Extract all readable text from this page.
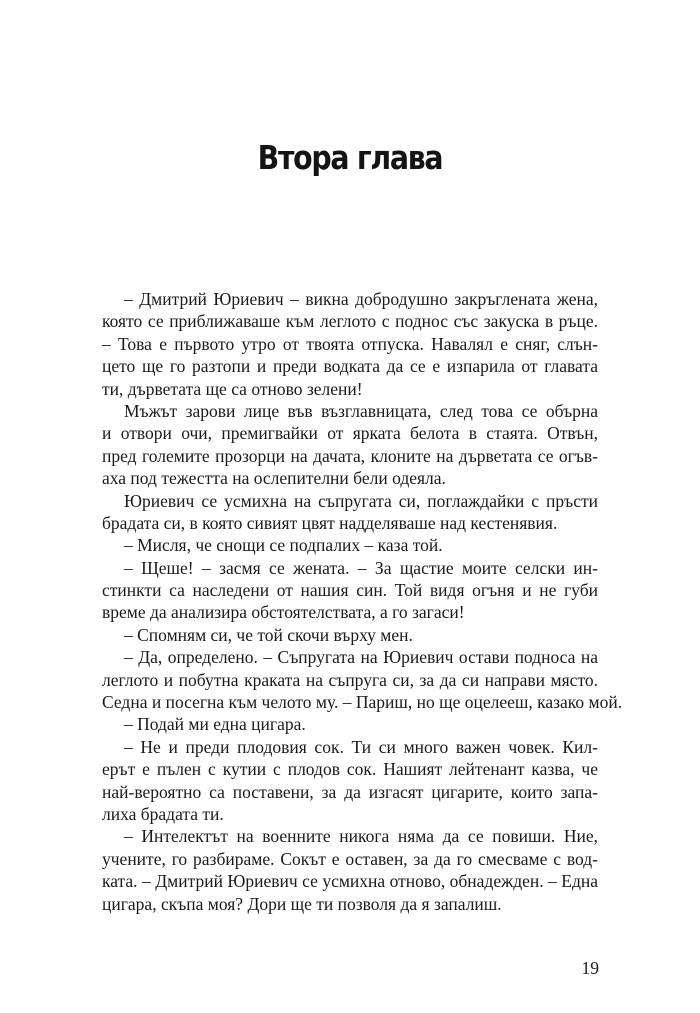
Втора глава
– Дмитрий Юриевич – викна добродушно закръглената жена,
която се приближаваше към леглото с поднос със закуска в ръце.
– Това е първото утро от твоята отпуска. Навалял е сняг, слън-
цето ще го разтопи и преди водката да се е изпарила от главата
ти, дърветата ще са отново зелени!
Мъжът зарови лице във възглавницата, след това се обърна
и отвори очи, премигвайки от ярката белота в стаята. Отвън,
пред големите прозорци на дачата, клоните на дърветата се огъв-
аха под тежестта на ослепителни бели одеяла.
Юриевич се усмихна на съпругата си, поглаждайки с пръсти
брадата си, в която сивият цвят надделяваше над кестенявия.
– Мисля, че снощи се подпалих – каза той.
– Щеше! – засмя се жената. – За щастие моите селски ин-
стинкти са наследени от нашия син. Той видя огъня и не губи
време да анализира обстоятелствата, а го загаси!
– Спомням си, че той скочи върху мен.
– Да, определено. – Съпругата на Юриевич остави подноса на
леглото и побутна краката на съпруга си, за да си направи място.
Седна и посегна към челото му. – Париш, но ще оцелееш, казако мой.
– Подай ми една цигара.
– Не и преди плодовия сок. Ти си много важен човек. Кил-
ерът е пълен с кутии с плодов сок. Нашият лейтенант казва, че
най-вероятно са поставени, за да изгасят цигарите, които запа-
лиха брадата ти.
– Интелектът на военните никога няма да се повиши. Ние,
учените, го разбираме. Сокът е оставен, за да го смесваме с вод-
ката. – Дмитрий Юриевич се усмихна отново, обнадежден. – Една
цигара, скъпа моя? Дори ще ти позволя да я запалиш.
19
